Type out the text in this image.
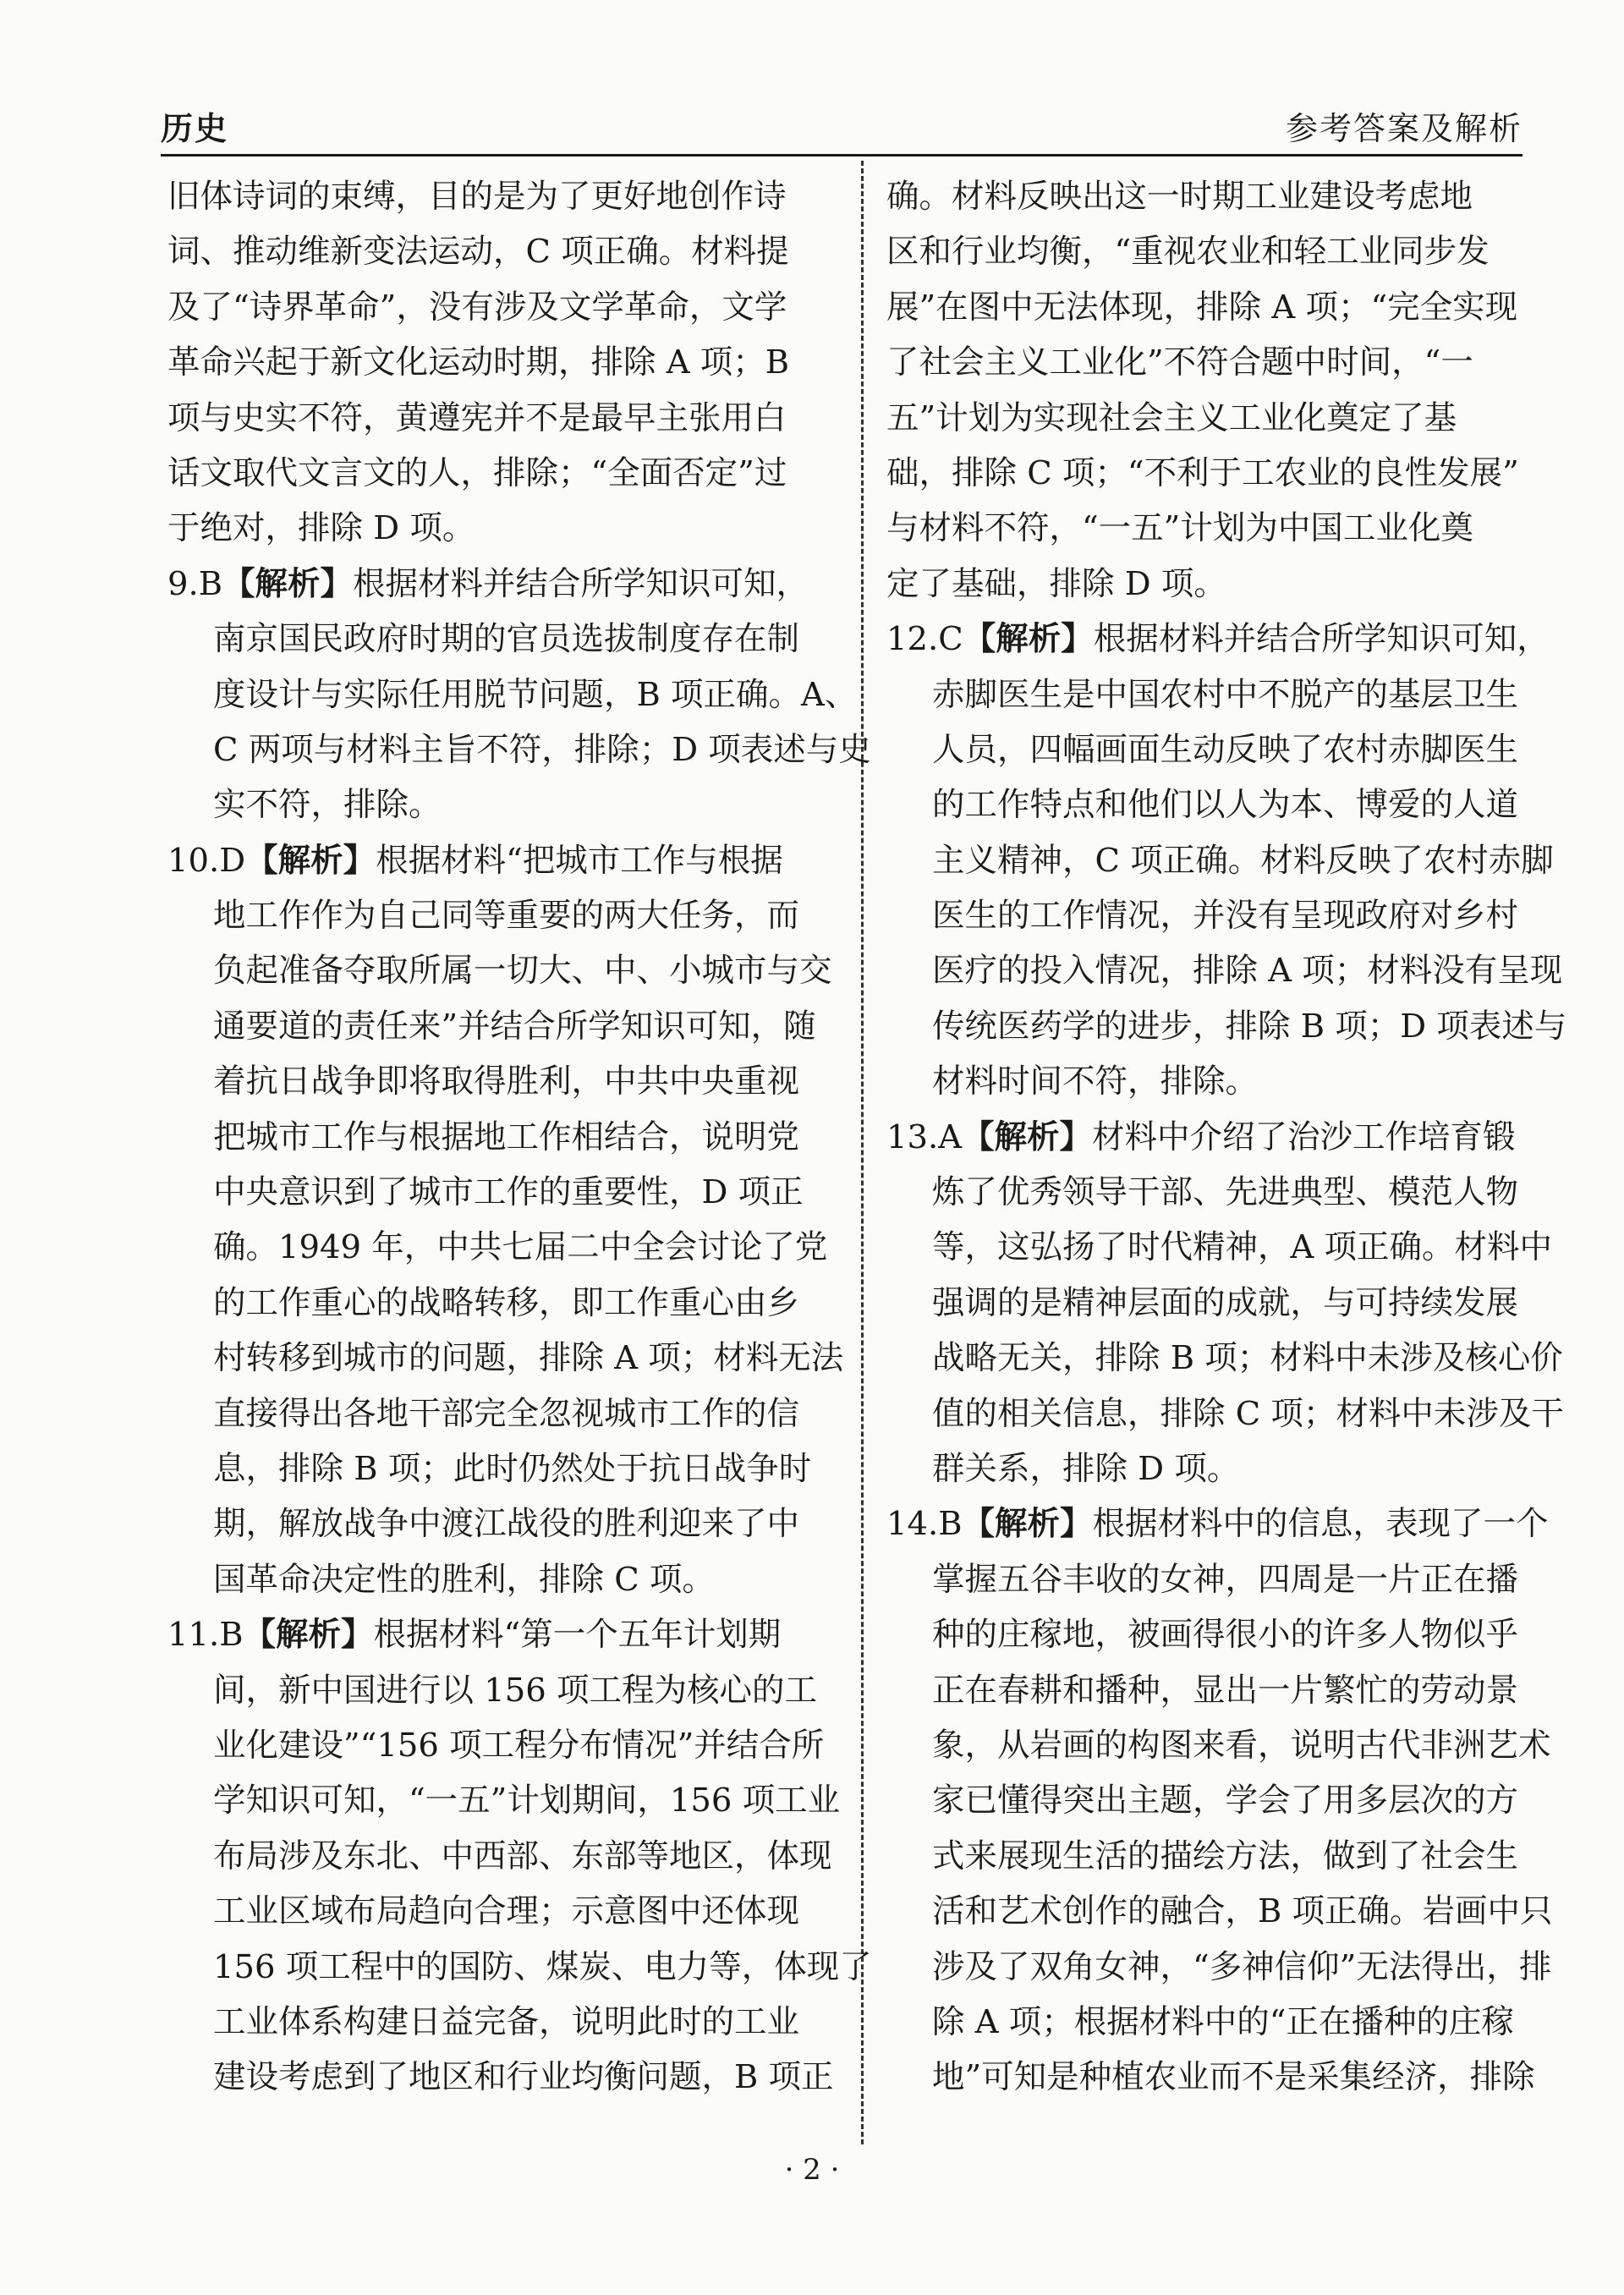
历史	参考答案及解析
旧体诗词的束缚，目的是为了更好地创作诗
词、推动维新变法运动，C 项正确。材料提
及了“诗界革命”，没有涉及文学革命，文学
革命兴起于新文化运动时期，排除 A 项；B
项与史实不符，黄遵宪并不是最早主张用白
话文取代文言文的人，排除；“全面否定”过
于绝对，排除 D 项。
9.B【解析】根据材料并结合所学知识可知，
南京国民政府时期的官员选拔制度存在制
度设计与实际任用脱节问题，B 项正确。A、
C 两项与材料主旨不符，排除；D 项表述与史
实不符，排除。
10.D【解析】根据材料“把城市工作与根据
地工作作为自己同等重要的两大任务，而
负起准备夺取所属一切大、中、小城市与交
通要道的责任来”并结合所学知识可知，随
着抗日战争即将取得胜利，中共中央重视
把城市工作与根据地工作相结合，说明党
中央意识到了城市工作的重要性，D 项正
确。1949 年，中共七届二中全会讨论了党
的工作重心的战略转移，即工作重心由乡
村转移到城市的问题，排除 A 项；材料无法
直接得出各地干部完全忽视城市工作的信
息，排除 B 项；此时仍然处于抗日战争时
期，解放战争中渡江战役的胜利迎来了中
国革命决定性的胜利，排除 C 项。
11.B【解析】根据材料“第一个五年计划期
间，新中国进行以 156 项工程为核心的工
业化建设”“156 项工程分布情况”并结合所
学知识可知，“一五”计划期间，156 项工业
布局涉及东北、中西部、东部等地区，体现
工业区域布局趋向合理；示意图中还体现
156 项工程中的国防、煤炭、电力等，体现了
工业体系构建日益完备，说明此时的工业
建设考虑到了地区和行业均衡问题，B 项正
确。材料反映出这一时期工业建设考虑地
区和行业均衡，“重视农业和轻工业同步发
展”在图中无法体现，排除 A 项；“完全实现
了社会主义工业化”不符合题中时间，“一
五”计划为实现社会主义工业化奠定了基
础，排除 C 项；“不利于工农业的良性发展”
与材料不符，“一五”计划为中国工业化奠
定了基础，排除 D 项。
12.C【解析】根据材料并结合所学知识可知，
赤脚医生是中国农村中不脱产的基层卫生
人员，四幅画面生动反映了农村赤脚医生
的工作特点和他们以人为本、博爱的人道
主义精神，C 项正确。材料反映了农村赤脚
医生的工作情况，并没有呈现政府对乡村
医疗的投入情况，排除 A 项；材料没有呈现
传统医药学的进步，排除 B 项；D 项表述与
材料时间不符，排除。
13.A【解析】材料中介绍了治沙工作培育锻
炼了优秀领导干部、先进典型、模范人物
等，这弘扬了时代精神，A 项正确。材料中
强调的是精神层面的成就，与可持续发展
战略无关，排除 B 项；材料中未涉及核心价
值的相关信息，排除 C 项；材料中未涉及干
群关系，排除 D 项。
14.B【解析】根据材料中的信息，表现了一个
掌握五谷丰收的女神，四周是一片正在播
种的庄稼地，被画得很小的许多人物似乎
正在春耕和播种，显出一片繁忙的劳动景
象，从岩画的构图来看，说明古代非洲艺术
家已懂得突出主题，学会了用多层次的方
式来展现生活的描绘方法，做到了社会生
活和艺术创作的融合，B 项正确。岩画中只
涉及了双角女神，“多神信仰”无法得出，排
除 A 项；根据材料中的“正在播种的庄稼
地”可知是种植农业而不是采集经济，排除
· 2 ·
